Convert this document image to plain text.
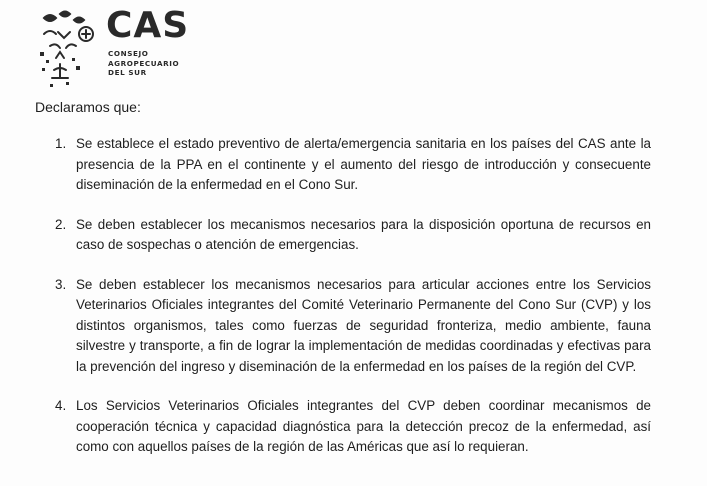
CAS
CONSEJO
AGROPECUARIO
DEL SUR
Declaramos que:
1. Se establece el estado preventivo de alerta/emergencia sanitaria en los países del CAS ante la presencia de la PPA en el continente y el aumento del riesgo de introducción y consecuente diseminación de la enfermedad en el Cono Sur.
2. Se deben establecer los mecanismos necesarios para la disposición oportuna de recursos en caso de sospechas o atención de emergencias.
3. Se deben establecer los mecanismos necesarios para articular acciones entre los Servicios Veterinarios Oficiales integrantes del Comité Veterinario Permanente del Cono Sur (CVP) y los distintos organismos, tales como fuerzas de seguridad fronteriza, medio ambiente, fauna silvestre y transporte, a fin de lograr la implementación de medidas coordinadas y efectivas para la prevención del ingreso y diseminación de la enfermedad en los países de la región del CVP.
4. Los Servicios Veterinarios Oficiales integrantes del CVP deben coordinar mecanismos de cooperación técnica y capacidad diagnóstica para la detección precoz de la enfermedad, así como con aquellos países de la región de las Américas que así lo requieran.
